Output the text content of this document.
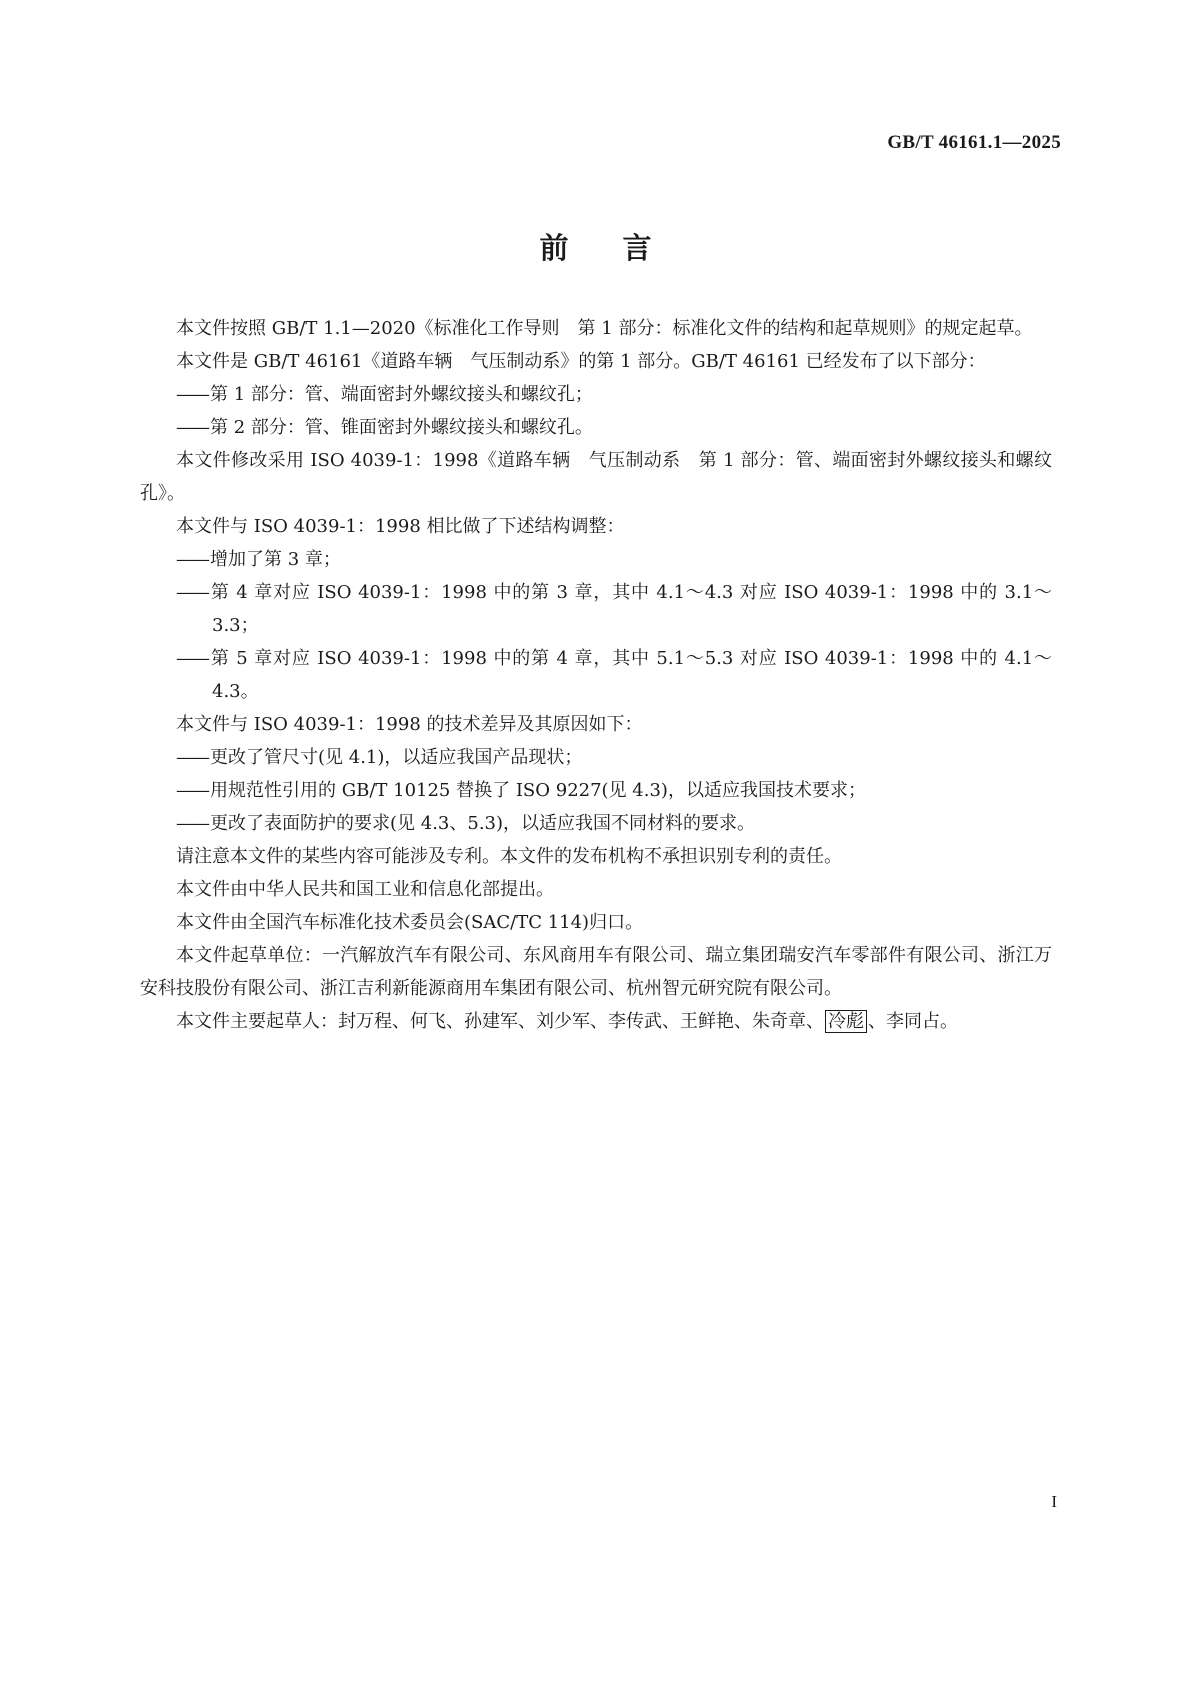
GB/T 46161.1—2025
前言

本文件按照 GB/T 1.1—2020《标准化工作导则　第 1 部分：标准化文件的结构和起草规则》的规定起草。

本文件是 GB/T 46161《道路车辆　气压制动系》的第 1 部分。GB/T 46161 已经发布了以下部分：

—— 第 1 部分：管、端面密封外螺纹接头和螺纹孔；

—— 第 2 部分：管、锥面密封外螺纹接头和螺纹孔。

本文件修改采用 ISO 4039-1：1998《道路车辆　气压制动系　第 1 部分：管、端面密封外螺纹接头和螺纹孔》。

本文件与 ISO 4039-1：1998 相比做了下述结构调整：

—— 增加了第 3 章；

—— 第 4 章对应 ISO 4039-1：1998 中的第 3 章，其中 4.1～4.3 对应 ISO 4039-1：1998 中的 3.1～3.3；

—— 第 5 章对应 ISO 4039-1：1998 中的第 4 章，其中 5.1～5.3 对应 ISO 4039-1：1998 中的 4.1～4.3。

本文件与 ISO 4039-1：1998 的技术差异及其原因如下：

—— 更改了管尺寸(见 4.1)，以适应我国产品现状；

—— 用规范性引用的 GB/T 10125 替换了 ISO 9227(见 4.3)，以适应我国技术要求；

—— 更改了表面防护的要求(见 4.3、5.3)，以适应我国不同材料的要求。

请注意本文件的某些内容可能涉及专利。本文件的发布机构不承担识别专利的责任。

本文件由中华人民共和国工业和信息化部提出。

本文件由全国汽车标准化技术委员会(SAC/TC 114)归口。

本文件起草单位：一汽解放汽车有限公司、东风商用车有限公司、瑞立集团瑞安汽车零部件有限公司、浙江万安科技股份有限公司、浙江吉利新能源商用车集团有限公司、杭州智元研究院有限公司。

本文件主要起草人：封万程、何飞、孙建军、刘少军、李传武、王鲜艳、朱奇章、 冷彪 、李同占。

I
